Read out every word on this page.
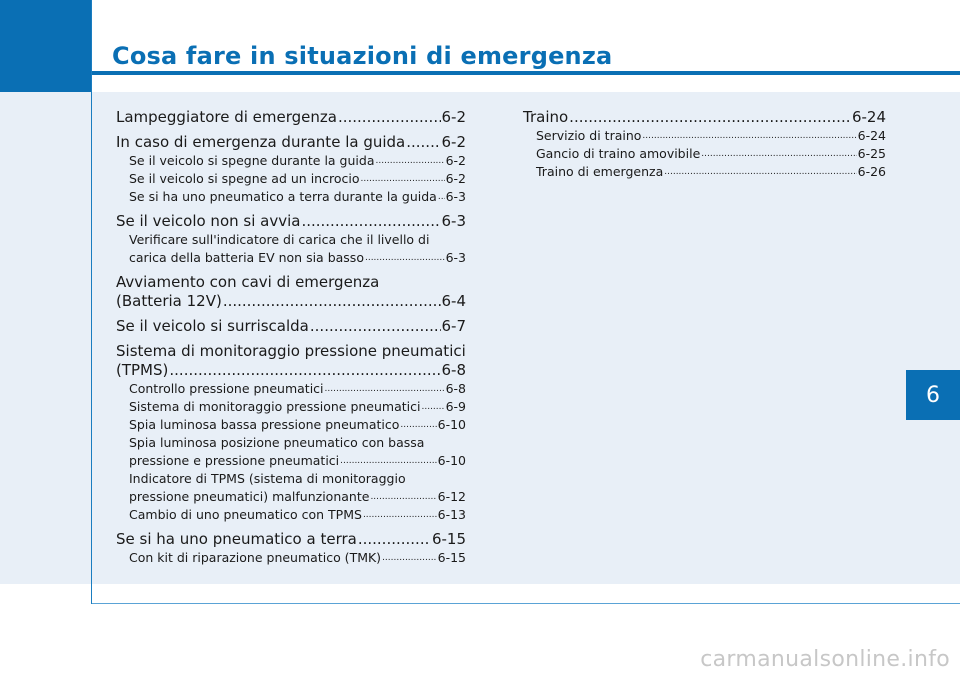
Cosa fare in situazioni di emergenza
6
Lampeggiatore di emergenza .....	6-2
In caso di emergenza durante la guida ..... 6-2
Se il veicolo si spegne durante la guida .....	6-2
Se il veicolo si spegne ad un incrocio .....	6-2
Se si ha uno pneumatico a terra durante la guida ..... 6-3
Se il veicolo non si avvia .....	6-3
Verificare sull'indicatore di carica che il livello di
carica della batteria EV non sia basso .....	6-3
Avviamento con cavi di emergenza
(Batteria 12V) .....	6-4
Se il veicolo si surriscalda .....	6-7
Sistema di monitoraggio pressione pneumatici
(TPMS) .....	6-8
Controllo pressione pneumatici .....	6-8
Sistema di monitoraggio pressione pneumatici ..... 6-9
Spia luminosa bassa pressione pneumatico .....	6-10
Spia luminosa posizione pneumatico con bassa
pressione e pressione pneumatici .....	6-10
Indicatore di TPMS (sistema di monitoraggio
pressione pneumatici) malfunzionante .....	6-12
Cambio di uno pneumatico con TPMS .....	6-13
Se si ha uno pneumatico a terra .....	6-15
Con kit di riparazione pneumatico (TMK) .....	6-15
Traino .....	6-24
Servizio di traino .....	6-24
Gancio di traino amovibile .....	6-25
Traino di emergenza .....	6-26
carmanualsonline.info
